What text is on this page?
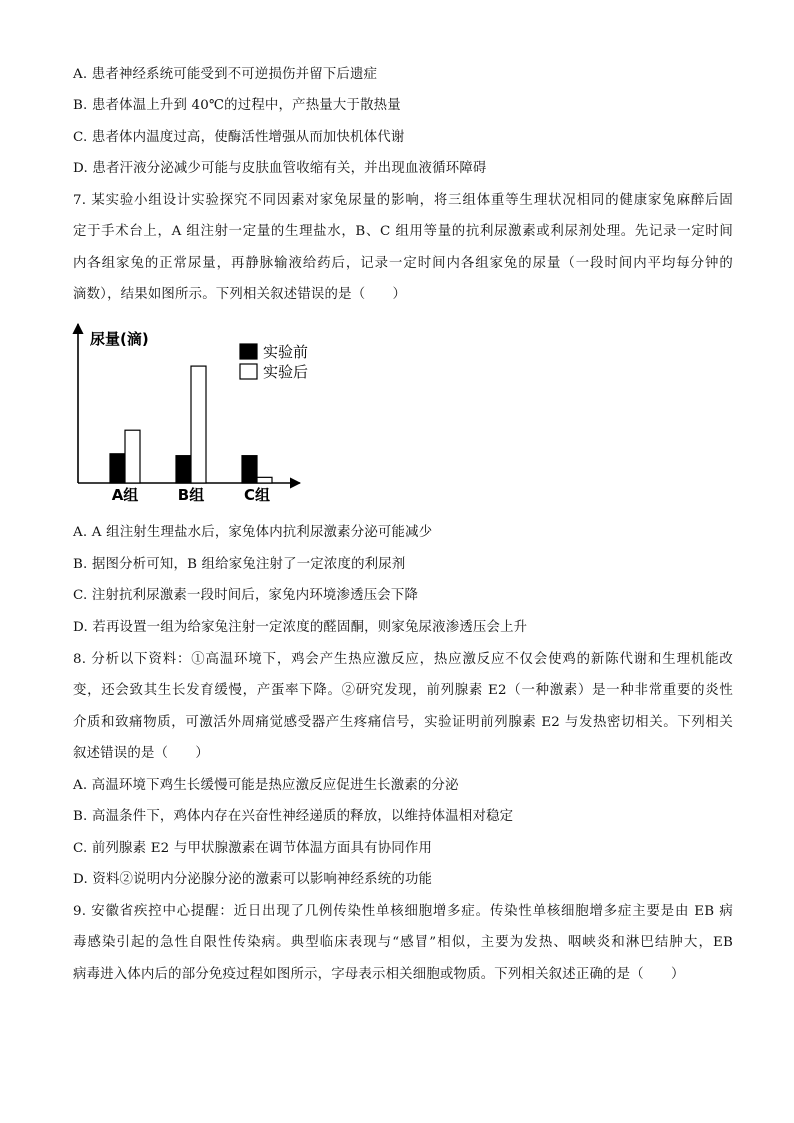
A. 患者神经系统可能受到不可逆损伤并留下后遗症
B. 患者体温上升到 40℃的过程中，产热量大于散热量
C. 患者体内温度过高，使酶活性增强从而加快机体代谢
D. 患者汗液分泌减少可能与皮肤血管收缩有关，并出现血液循环障碍
7. 某实验小组设计实验探究不同因素对家兔尿量的影响，将三组体重等生理状况相同的健康家兔麻醉后固
定于手术台上，A 组注射一定量的生理盐水，B、C 组用等量的抗利尿激素或利尿剂处理。先记录一定时间
内各组家兔的正常尿量，再静脉输液给药后，记录一定时间内各组家兔的尿量（一段时间内平均每分钟的
滴数），结果如图所示。下列相关叙述错误的是（　　）
尿量(滴)
实验前
实验后
A组	B组	C组
A. A 组注射生理盐水后，家兔体内抗利尿激素分泌可能减少
B. 据图分析可知，B 组给家兔注射了一定浓度的利尿剂
C. 注射抗利尿激素一段时间后，家兔内环境渗透压会下降
D. 若再设置一组为给家兔注射一定浓度的醛固酮，则家兔尿液渗透压会上升
8. 分析以下资料：①高温环境下，鸡会产生热应激反应，热应激反应不仅会使鸡的新陈代谢和生理机能改
变，还会致其生长发育缓慢，产蛋率下降。②研究发现，前列腺素 E2（一种激素）是一种非常重要的炎性
介质和致痛物质，可激活外周痛觉感受器产生疼痛信号，实验证明前列腺素 E2 与发热密切相关。下列相关
叙述错误的是（　　）
A. 高温环境下鸡生长缓慢可能是热应激反应促进生长激素的分泌
B. 高温条件下，鸡体内存在兴奋性神经递质的释放，以维持体温相对稳定
C. 前列腺素 E2 与甲状腺激素在调节体温方面具有协同作用
D. 资料②说明内分泌腺分泌的激素可以影响神经系统的功能
9. 安徽省疾控中心提醒：近日出现了几例传染性单核细胞增多症。传染性单核细胞增多症主要是由 EB 病
毒感染引起的急性自限性传染病。典型临床表现与“感冒”相似，主要为发热、咽峡炎和淋巴结肿大，EB
病毒进入体内后的部分免疫过程如图所示，字母表示相关细胞或物质。下列相关叙述正确的是（　　）
